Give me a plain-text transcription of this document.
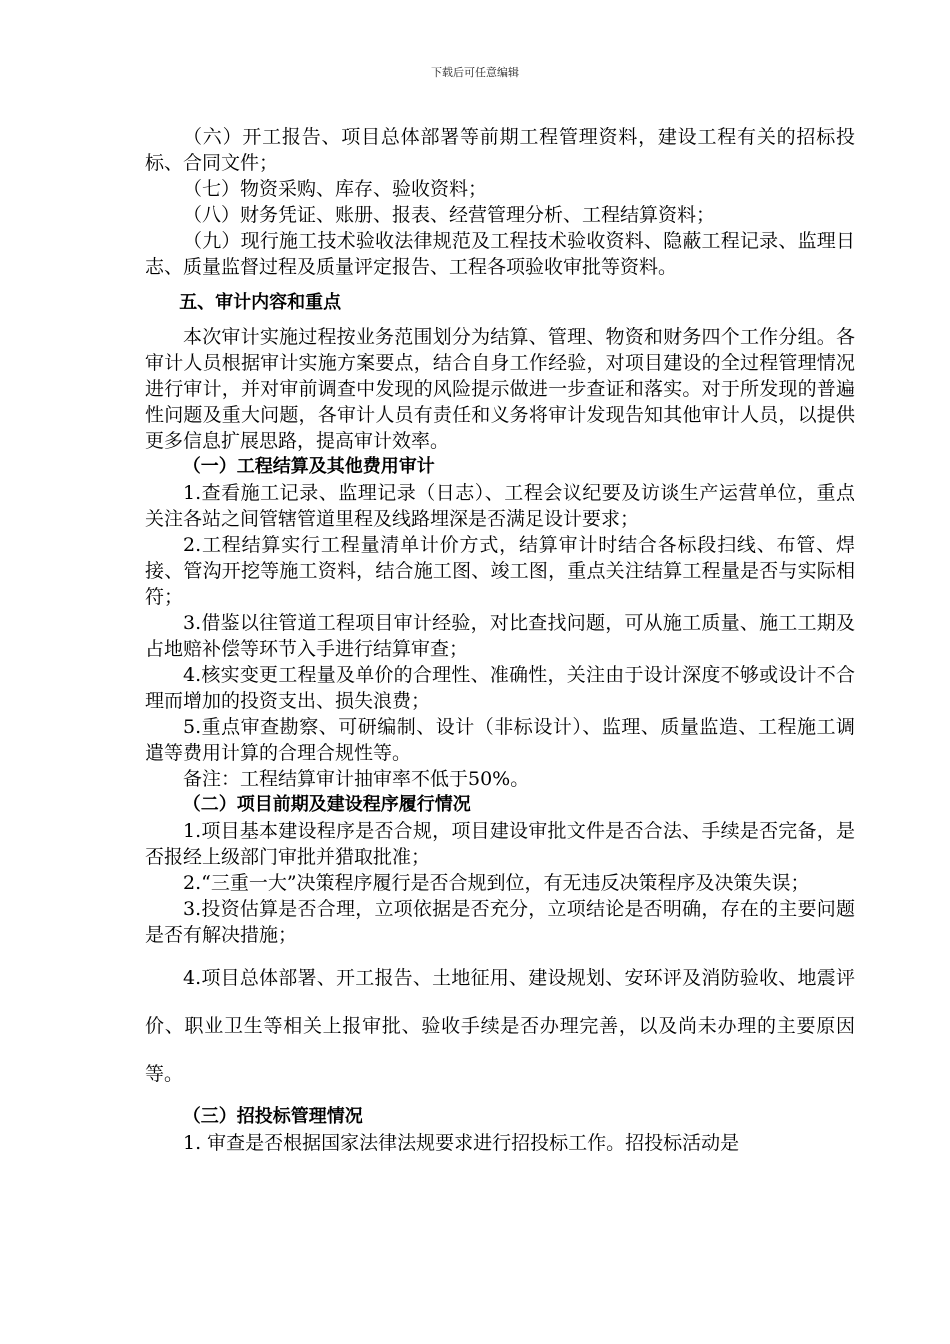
下载后可任意编辑

（六）开工报告、项目总体部署等前期工程管理资料，建设工程有关的招标投标、合同文件；

（七）物资采购、库存、验收资料；

（八）财务凭证、账册、报表、经营管理分析、工程结算资料；

（九）现行施工技术验收法律规范及工程技术验收资料、隐蔽工程记录、监理日志、质量监督过程及质量评定报告、工程各项验收审批等资料。

五、审计内容和重点

本次审计实施过程按业务范围划分为结算、管理、物资和财务四个工作分组。各审计人员根据审计实施方案要点，结合自身工作经验，对项目建设的全过程管理情况进行审计，并对审前调查中发现的风险提示做进一步查证和落实。对于所发现的普遍性问题及重大问题，各审计人员有责任和义务将审计发现告知其他审计人员，以提供更多信息扩展思路，提高审计效率。

（一）工程结算及其他费用审计

1.查看施工记录、监理记录（日志）、工程会议纪要及访谈生产运营单位，重点关注各站之间管辖管道里程及线路埋深是否满足设计要求；

2.工程结算实行工程量清单计价方式，结算审计时结合各标段扫线、布管、焊接、管沟开挖等施工资料，结合施工图、竣工图，重点关注结算工程量是否与实际相符；

3.借鉴以往管道工程项目审计经验，对比查找问题，可从施工质量、施工工期及占地赔补偿等环节入手进行结算审查；

4.核实变更工程量及单价的合理性、准确性，关注由于设计深度不够或设计不合理而增加的投资支出、损失浪费；

5.重点审查勘察、可研编制、设计（非标设计）、监理、质量监造、工程施工调遣等费用计算的合理合规性等。

备注：工程结算审计抽审率不低于50%。

（二）项目前期及建设程序履行情况

1.项目基本建设程序是否合规，项目建设审批文件是否合法、手续是否完备，是否报经上级部门审批并猎取批准；

2.“三重一大”决策程序履行是否合规到位，有无违反决策程序及决策失误；

3.投资估算是否合理，立项依据是否充分，立项结论是否明确，存在的主要问题是否有解决措施；

4.项目总体部署、开工报告、土地征用、建设规划、安环评及消防验收、地震评价、职业卫生等相关上报审批、验收手续是否办理完善，以及尚未办理的主要原因等。

（三）招投标管理情况

1. 审查是否根据国家法律法规要求进行招投标工作。招投标活动是
